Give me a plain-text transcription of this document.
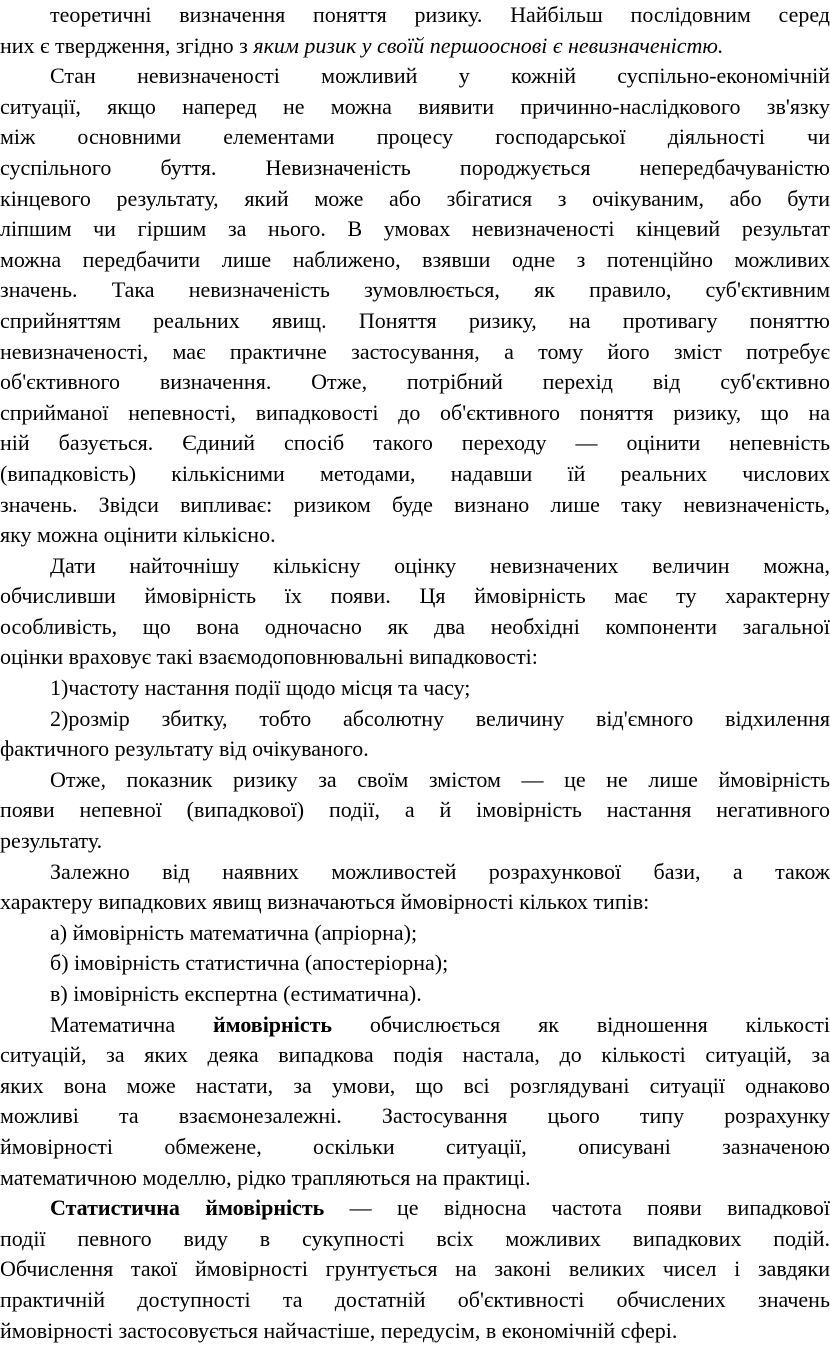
теоретичні визначення поняття ризику. Найбільш послідовним серед
них є твердження, згідно з яким ризик у своїй першооснові є невизначеністю.
Стан невизначеності можливий у кожній суспільно-економічній
ситуації, якщо наперед не можна виявити причинно-наслідкового зв'язку
між основними елементами процесу господарської діяльності чи
суспільного буття. Невизначеність породжується непередбачуваністю
кінцевого результату, який може або збігатися з очікуваним, або бути
ліпшим чи гіршим за нього. В умовах невизначеності кінцевий результат
можна передбачити лише наближено, взявши одне з потенційно можливих
значень. Така невизначеність зумовлюється, як правило, суб'єктивним
сприйняттям реальних явищ. Поняття ризику, на противагу поняттю
невизначеності, має практичне застосування, а тому його зміст потребує
об'єктивного визначення. Отже, потрібний перехід від суб'єктивно
сприйманої непевності, випадковості до об'єктивного поняття ризику, що на
ній базується. Єдиний спосіб такого переходу — оцінити непевність
(випадковість) кількісними методами, надавши їй реальних числових
значень. Звідси випливає: ризиком буде визнано лише таку невизначеність,
яку можна оцінити кількісно.
Дати найточнішу кількісну оцінку невизначених величин можна,
обчисливши ймовірність їх появи. Ця ймовірність має ту характерну
особливість, що вона одночасно як два необхідні компоненти загальної
оцінки враховує такі взаємодоповнювальні випадковості:
1)частоту настання події щодо місця та часу;
2)розмір збитку, тобто абсолютну величину від'ємного відхилення
фактичного результату від очікуваного.
Отже, показник ризику за своїм змістом — це не лише ймовірність
появи непевної (випадкової) події, а й імовірність настання негативного
результату.
Залежно від наявних можливостей розрахункової бази, а також
характеру випадкових явищ визначаються ймовірності кількох типів:
а) ймовірність математична (апріорна);
б) імовірність статистична (апостеріорна);
в) імовірність експертна (естиматична).
Математична ймовірність обчислюється як відношення кількості
ситуацій, за яких деяка випадкова подія настала, до кількості ситуацій, за
яких вона може настати, за умови, що всі розглядувані ситуації однаково
можливі та взаємонезалежні. Застосування цього типу розрахунку
ймовірності обмежене, оскільки ситуації, описувані зазначеною
математичною моделлю, рідко трапляються на практиці.
Статистична ймовірність — це відносна частота появи випадкової
події певного виду в сукупності всіх можливих випадкових подій.
Обчислення такої ймовірності грунтується на законі великих чисел і завдяки
практичній доступності та достатній об'єктивності обчислених значень
ймовірності застосовується найчастіше, передусім, в економічній сфері.
